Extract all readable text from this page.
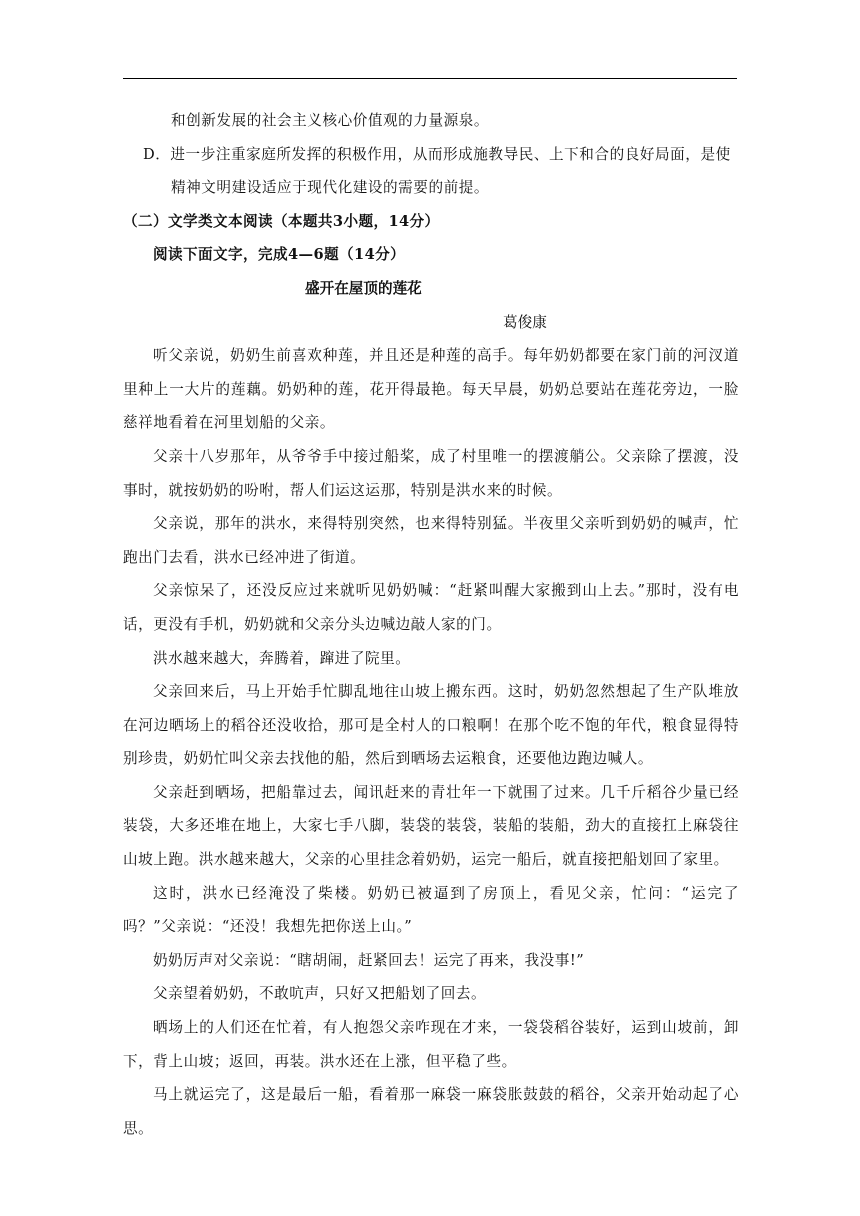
和创新发展的社会主义核心价值观的力量源泉。

D．进一步注重家庭所发挥的积极作用，从而形成施教导民、上下和合的良好局面，是使

精神文明建设适应于现代化建设的需要的前提。

（二）文学类文本阅读（本题共3小题，14分）

阅读下面文字，完成4—6题（14分）

盛开在屋顶的莲花

葛俊康

听父亲说，奶奶生前喜欢种莲，并且还是种莲的高手。每年奶奶都要在家门前的河汊道里种上一大片的莲藕。奶奶种的莲，花开得最艳。每天早晨，奶奶总要站在莲花旁边，一脸慈祥地看着在河里划船的父亲。

父亲十八岁那年，从爷爷手中接过船桨，成了村里唯一的摆渡艄公。父亲除了摆渡，没事时，就按奶奶的吩咐，帮人们运这运那，特别是洪水来的时候。

父亲说，那年的洪水，来得特别突然，也来得特别猛。半夜里父亲听到奶奶的喊声，忙跑出门去看，洪水已经冲进了街道。

父亲惊呆了，还没反应过来就听见奶奶喊：“赶紧叫醒大家搬到山上去。”那时，没有电话，更没有手机，奶奶就和父亲分头边喊边敲人家的门。

洪水越来越大，奔腾着，蹿进了院里。

父亲回来后，马上开始手忙脚乱地往山坡上搬东西。这时，奶奶忽然想起了生产队堆放在河边晒场上的稻谷还没收拾，那可是全村人的口粮啊！在那个吃不饱的年代，粮食显得特别珍贵，奶奶忙叫父亲去找他的船，然后到晒场去运粮食，还要他边跑边喊人。

父亲赶到晒场，把船靠过去，闻讯赶来的青壮年一下就围了过来。几千斤稻谷少量已经装袋，大多还堆在地上，大家七手八脚，装袋的装袋，装船的装船，劲大的直接扛上麻袋往山坡上跑。洪水越来越大，父亲的心里挂念着奶奶，运完一船后，就直接把船划回了家里。

这时，洪水已经淹没了柴楼。奶奶已被逼到了房顶上，看见父亲，忙问：“运完了吗？”父亲说：“还没！我想先把你送上山。”

奶奶厉声对父亲说：“瞎胡闹，赶紧回去！运完了再来，我没事!”

父亲望着奶奶，不敢吭声，只好又把船划了回去。

晒场上的人们还在忙着，有人抱怨父亲咋现在才来，一袋袋稻谷装好，运到山坡前，卸下，背上山坡；返回，再装。洪水还在上涨，但平稳了些。

马上就运完了，这是最后一船，看着那一麻袋一麻袋胀鼓鼓的稻谷，父亲开始动起了心思。
